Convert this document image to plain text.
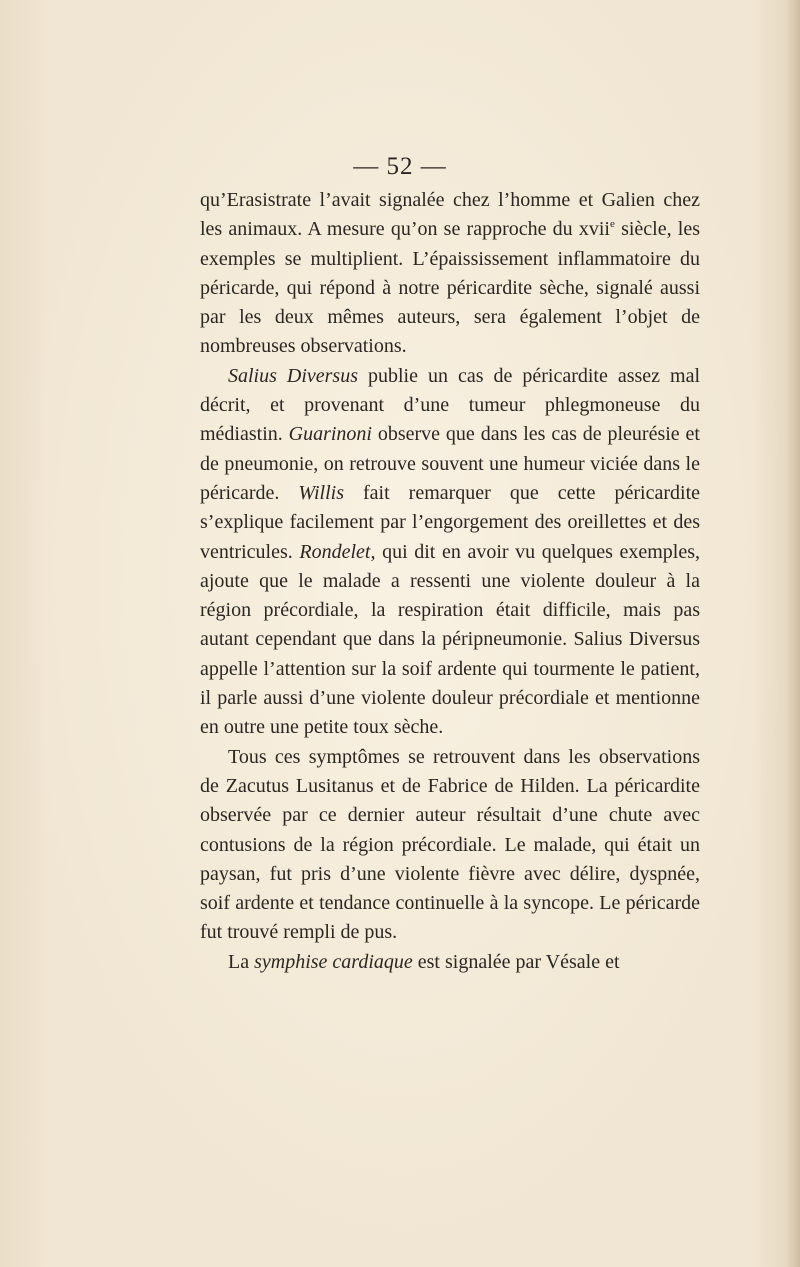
— 52 —

qu’Erasistrate l’avait signalée chez l’homme et Galien chez les animaux. A mesure qu’on se rapproche du xvii$^e$ siècle, les exemples se multiplient. L’épaississement inflammatoire du péricarde, qui répond à notre péricardite sèche, signalé aussi par les deux mêmes auteurs, sera également l’objet de nombreuses observations.

Salius Diversus publie un cas de péricardite assez mal décrit, et provenant d’une tumeur phlegmoneuse du médiastin. Guarinoni observe que dans les cas de pleurésie et de pneumonie, on retrouve souvent une humeur viciée dans le péricarde. Willis fait remarquer que cette péricardite s’explique facilement par l’engorgement des oreillettes et des ventricules. Rondelet, qui dit en avoir vu quelques exemples, ajoute que le malade a ressenti une violente douleur à la région précordiale, la respiration était difficile, mais pas autant cependant que dans la péripneumonie. Salius Diversus appelle l’attention sur la soif ardente qui tourmente le patient, il parle aussi d’une violente douleur précordiale et mentionne en outre une petite toux sèche.

Tous ces symptômes se retrouvent dans les observations de Zacutus Lusitanus et de Fabrice de Hilden. La péricardite observée par ce dernier auteur résultait d’une chute avec contusions de la région précordiale. Le malade, qui était un paysan, fut pris d’une violente fièvre avec délire, dyspnée, soif ardente et tendance continuelle à la syncope. Le péricarde fut trouvé rempli de pus.

La symphise cardiaque est signalée par Vésale et
